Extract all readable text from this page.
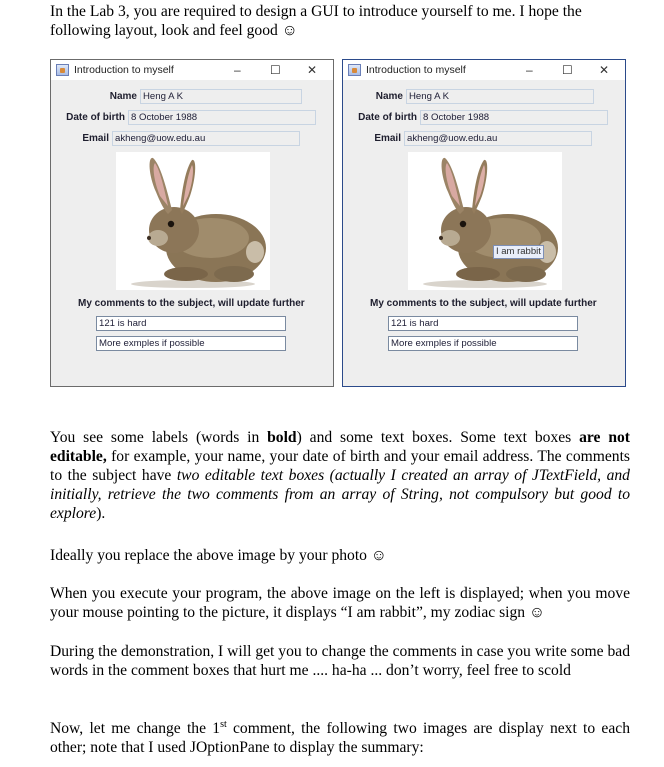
In the Lab 3, you are required to design a GUI to introduce yourself to me. I hope the

following layout, look and feel good ☺

Introduction to myself	– ☐ ✕
Name Heng A K
Date of birth 8 October 1988
Email akheng@uow.edu.au
My comments to the subject, will update further
121 is hard
More exmples if possible
Introduction to myself	– ☐ ✕
Name Heng A K
Date of birth 8 October 1988
Email akheng@uow.edu.au
I am rabbit
My comments to the subject, will update further
121 is hard
More exmples if possible

You see some labels (words in bold) and some text boxes. Some text boxes are not editable, for example, your name, your date of birth and your email address. The comments to the subject have two editable text boxes (actually I created an array of JTextField, and initially, retrieve the two comments from an array of String, not compulsory but good to explore).

Ideally you replace the above image by your photo ☺

When you execute your program, the above image on the left is displayed; when you move your mouse pointing to the picture, it displays “I am rabbit”, my zodiac sign ☺

During the demonstration, I will get you to change the comments in case you write some bad words in the comment boxes that hurt me .... ha-ha ... don’t worry, feel free to scold

Now, let me change the 1st comment, the following two images are display next to each other; note that I used JOptionPane to display the summary:
